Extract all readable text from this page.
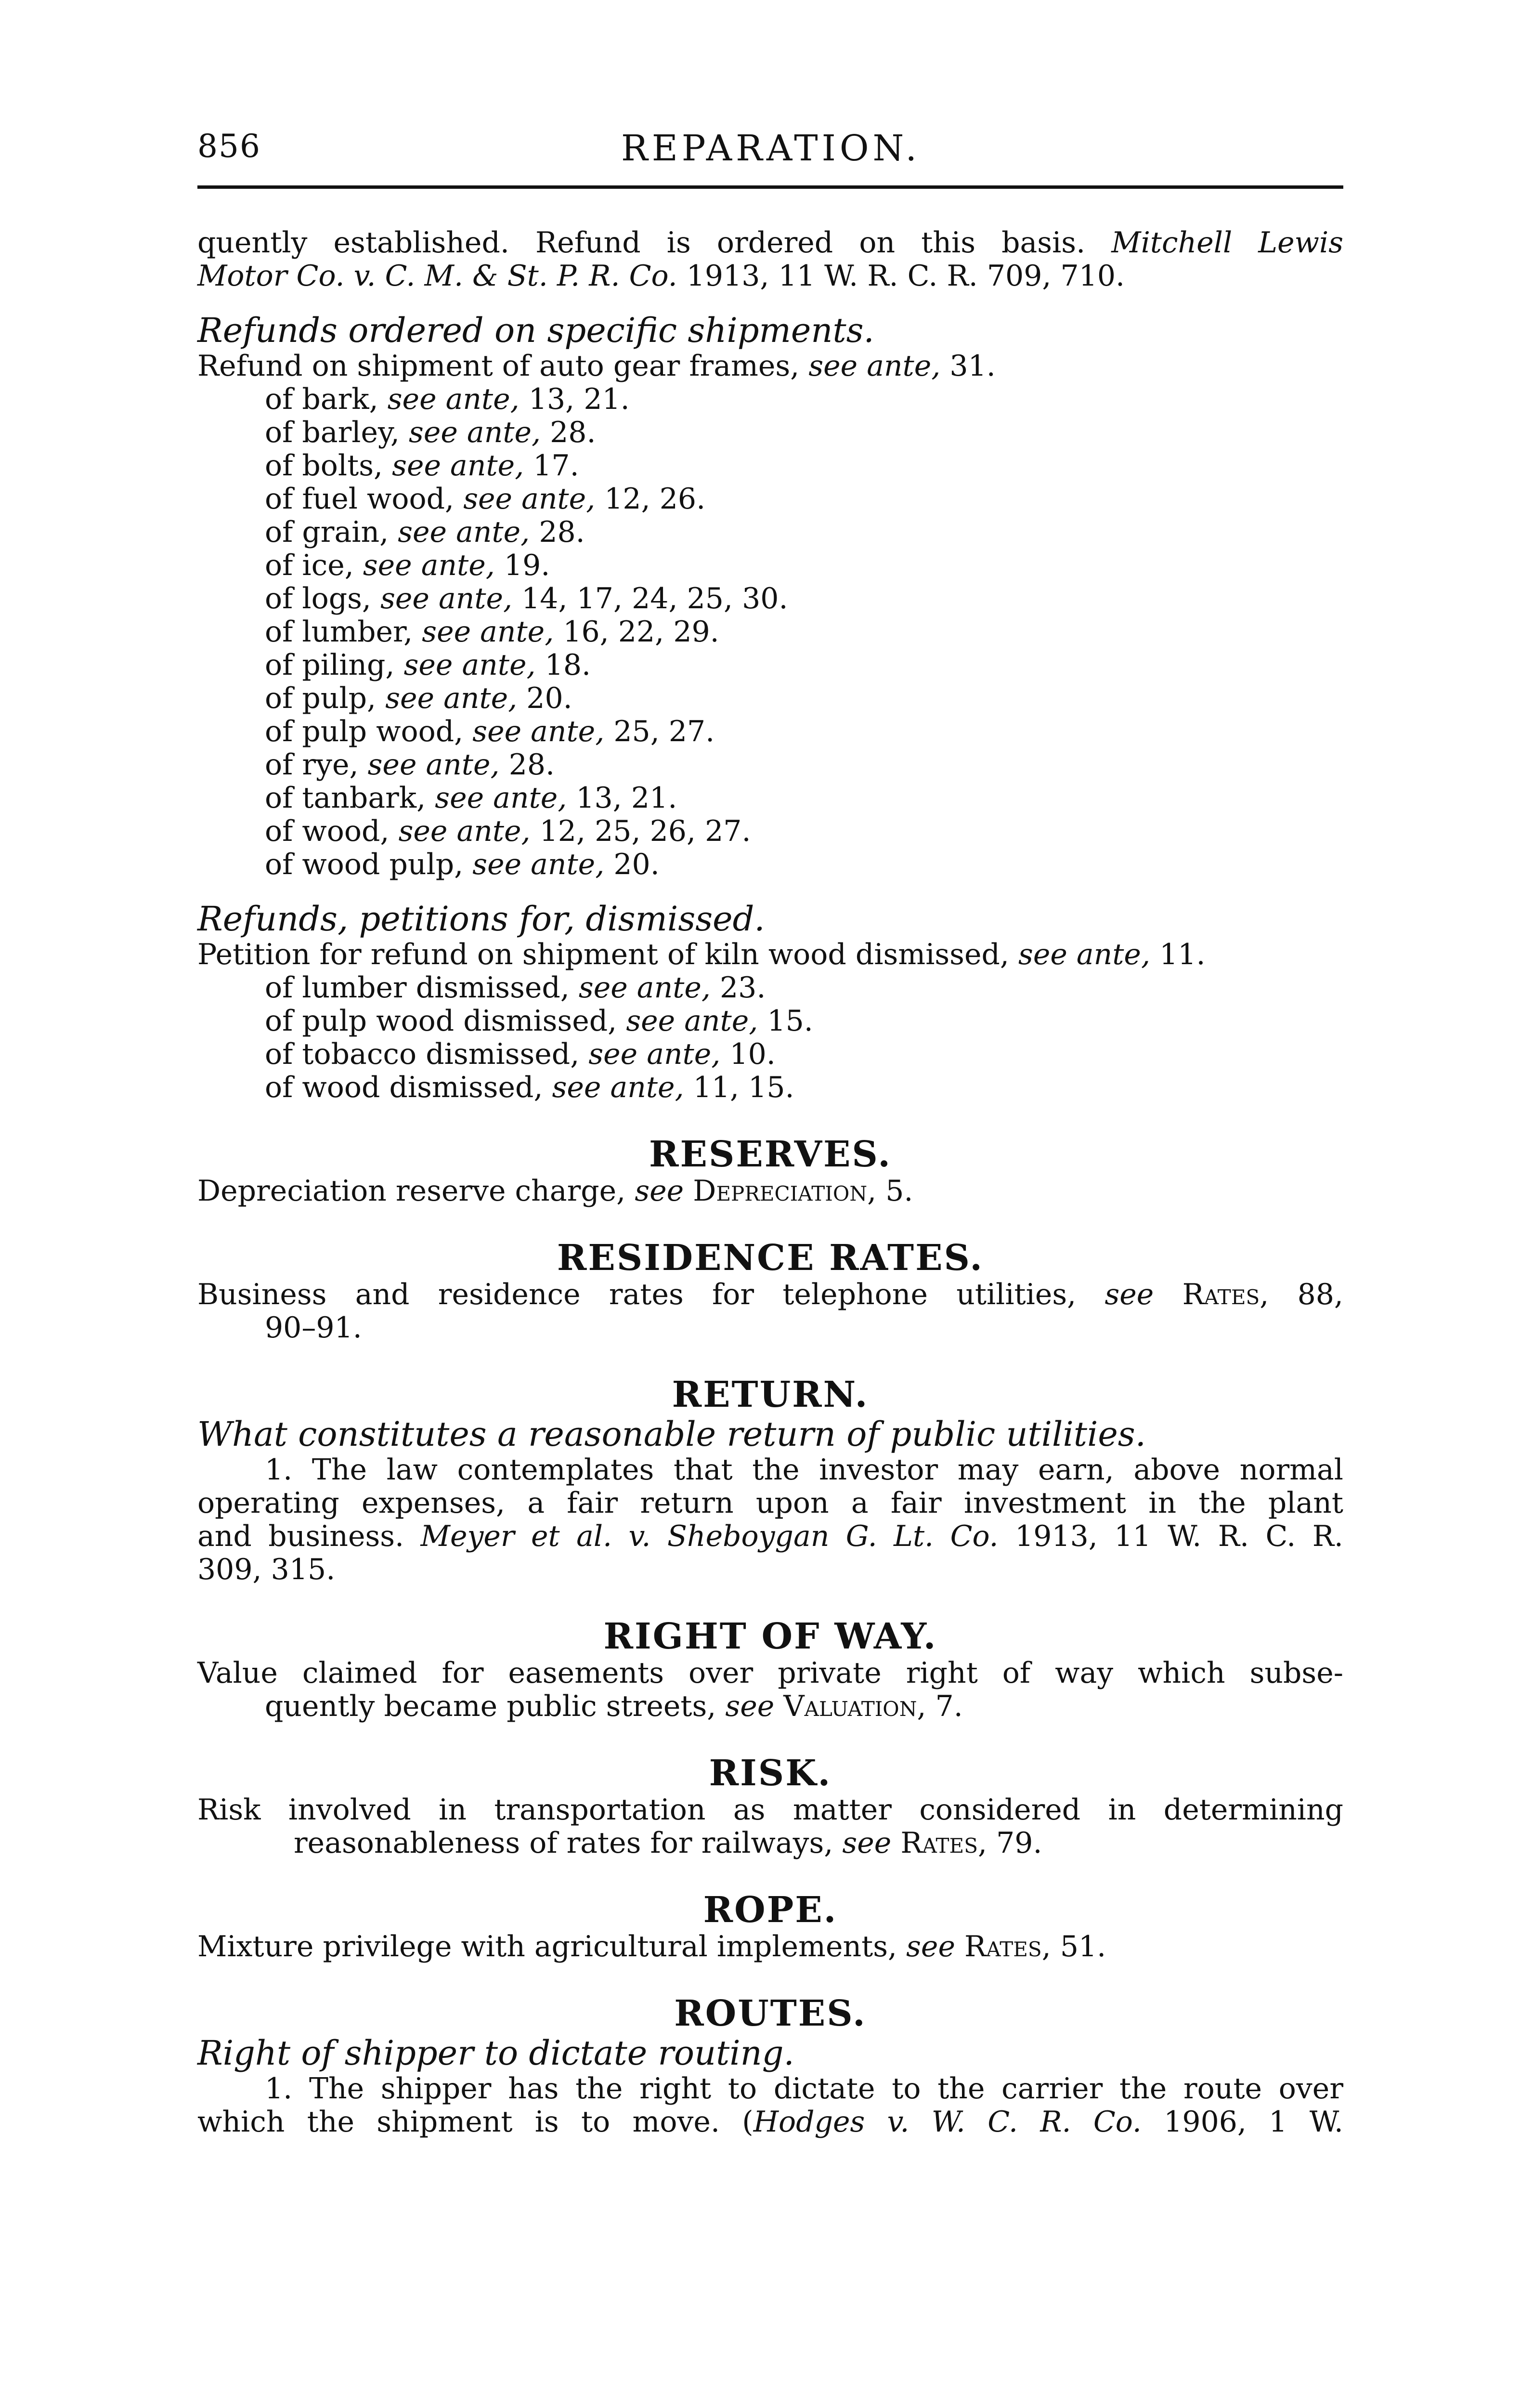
856	REPARATION.

quently established. Refund is ordered on this basis. Mitchell Lewis

Motor Co. v. C. M. & St. P. R. Co. 1913, 11 W. R. C. R. 709, 710.

Refunds ordered on specific shipments.

Refund on shipment of auto gear frames, see ante, 31.

of bark, see ante, 13, 21.

of barley, see ante, 28.

of bolts, see ante, 17.

of fuel wood, see ante, 12, 26.

of grain, see ante, 28.

of ice, see ante, 19.

of logs, see ante, 14, 17, 24, 25, 30.

of lumber, see ante, 16, 22, 29.

of piling, see ante, 18.

of pulp, see ante, 20.

of pulp wood, see ante, 25, 27.

of rye, see ante, 28.

of tanbark, see ante, 13, 21.

of wood, see ante, 12, 25, 26, 27.

of wood pulp, see ante, 20.

Refunds, petitions for, dismissed.

Petition for refund on shipment of kiln wood dismissed, see ante, 11.

of lumber dismissed, see ante, 23.

of pulp wood dismissed, see ante, 15.

of tobacco dismissed, see ante, 10.

of wood dismissed, see ante, 11, 15.

RESERVES.

Depreciation reserve charge, see Depreciation, 5.

RESIDENCE RATES.

Business and residence rates for telephone utilities, see Rates, 88,

90–91.

RETURN.

What constitutes a reasonable return of public utilities.

1. The law contemplates that the investor may earn, above normal

operating expenses, a fair return upon a fair investment in the plant

and business. Meyer et al. v. Sheboygan G. Lt. Co. 1913, 11 W. R. C. R.

309, 315.

RIGHT OF WAY.

Value claimed for easements over private right of way which subse-

quently became public streets, see Valuation, 7.

RISK.

Risk involved in transportation as matter considered in determining

reasonableness of rates for railways, see Rates, 79.

ROPE.

Mixture privilege with agricultural implements, see Rates, 51.

ROUTES.

Right of shipper to dictate routing.

1. The shipper has the right to dictate to the carrier the route over

which the shipment is to move. (Hodges v. W. C. R. Co. 1906, 1 W.
